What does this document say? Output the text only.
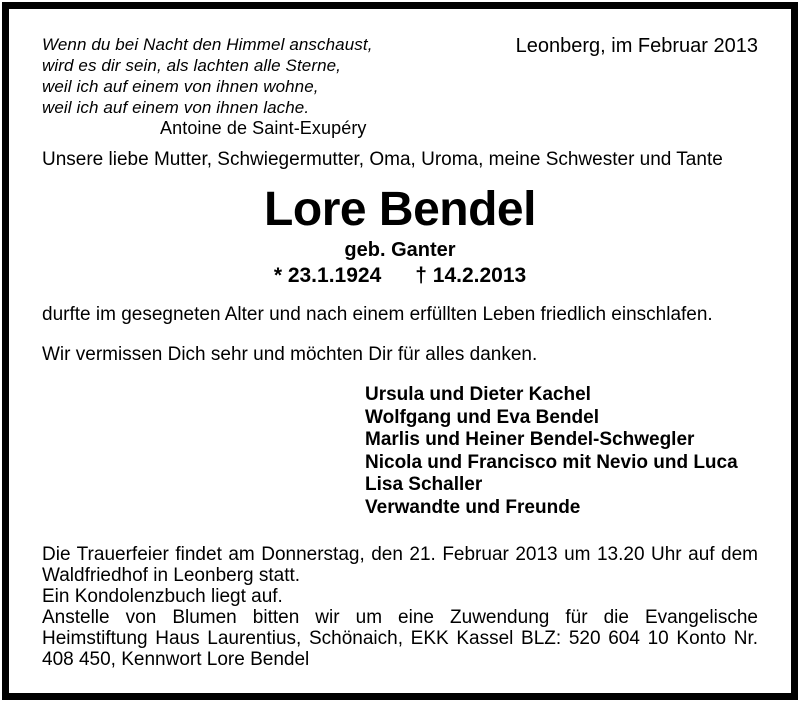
Wenn du bei Nacht den Himmel anschaust,
wird es dir sein, als lachten alle Sterne,
weil ich auf einem von ihnen wohne,
weil ich auf einem von ihnen lache.
Antoine de Saint-Exupéry
Leonberg, im Februar 2013

Unsere liebe Mutter, Schwiegermutter, Oma, Uroma, meine Schwester und Tante

Lore Bendel
geb. Ganter
* 23.1.1924 † 14.2.2013

durfte im gesegneten Alter und nach einem erfüllten Leben friedlich einschlafen.

Wir vermissen Dich sehr und möchten Dir für alles danken.

Ursula und Dieter Kachel
Wolfgang und Eva Bendel
Marlis und Heiner Bendel-Schwegler
Nicola und Francisco mit Nevio und Luca
Lisa Schaller
Verwandte und Freunde

Die Trauerfeier findet am Donnerstag, den 21. Februar 2013 um 13.20 Uhr auf dem Waldfriedhof in Leonberg statt.

Ein Kondolenzbuch liegt auf.

Anstelle von Blumen bitten wir um eine Zuwendung für die Evangelische Heimstiftung Haus Laurentius, Schönaich, EKK Kassel BLZ: 520 604 10 Konto Nr. 408 450, Kennwort Lore Bendel
